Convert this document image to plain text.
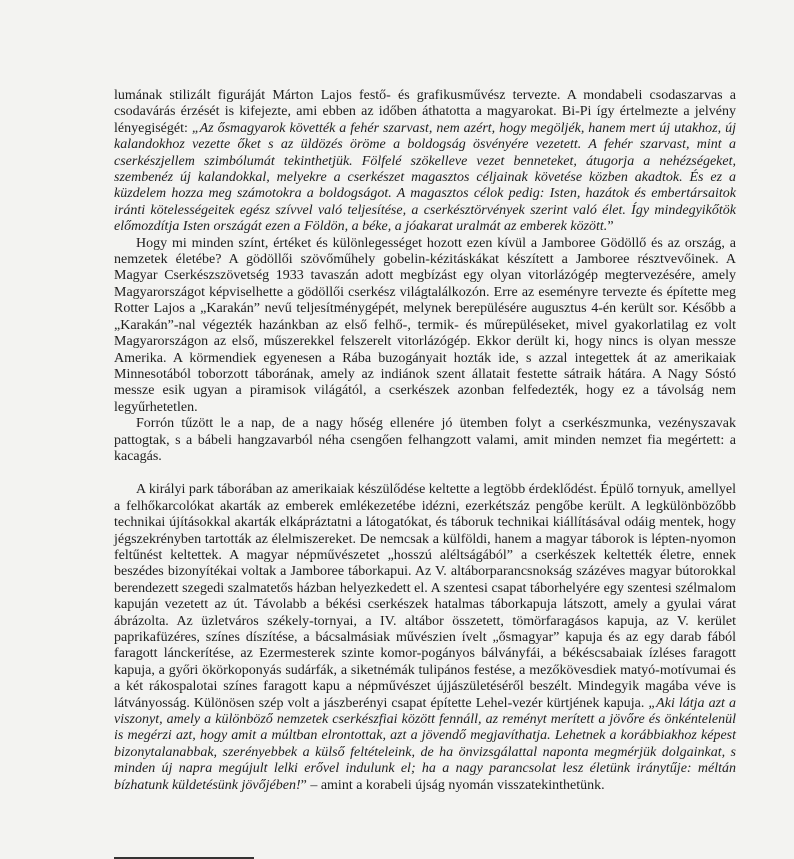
lumának stilizált figuráját Márton Lajos festő- és grafikusművész tervezte. A mondabeli csodaszarvas a csodavárás érzését is kifejezte, ami ebben az időben áthatotta a magyarokat. Bi-Pi így értelmezte a jelvény lényegiségét: „Az ősmagyarok követték a fehér szarvast, nem azért, hogy megöljék, hanem mert új utakhoz, új kalandokhoz vezette őket s az üldözés öröme a boldogság ösvényére vezetett. A fehér szarvast, mint a cserkészjellem szimbólumát tekinthetjük. Fölfelé szökelleve vezet benneteket, átugorja a nehézségeket, szembenéz új kalandokkal, melyekre a cserkészet magasztos céljainak követése közben akadtok. És ez a küzdelem hozza meg számotokra a boldogságot. A magasztos célok pedig: Isten, hazátok és embertársaitok iránti kötelességeitek egész szívvel való teljesítése, a cserkésztörvények szerint való élet. Így mindegyikőtök előmozdítja Isten országát ezen a Földön, a béke, a jóakarat uralmát az emberek között.”

Hogy mi minden színt, értéket és különlegességet hozott ezen kívül a Jamboree Gödöllő és az ország, a nemzetek életébe? A gödöllői szövőműhely gobelin-kézitáskákat készített a Jamboree résztvevőinek. A Magyar Cserkészszövetség 1933 tavaszán adott megbízást egy olyan vitorlázógép megtervezésére, amely Magyarországot képviselhette a gödöllői cserkész világtalálkozón. Erre az eseményre tervezte és építette meg Rotter Lajos a „Karakán” nevű teljesítménygépét, melynek berepülésére augusztus 4-én került sor. Később a „Karakán”-nal végezték hazánkban az első felhő-, termik- és műrepüléseket, mivel gyakorlatilag ez volt Magyarországon az első, műszerekkel felszerelt vitorlázógép. Ekkor derült ki, hogy nincs is olyan messze Amerika. A körmendiek egyenesen a Rába buzogányait hozták ide, s azzal integettek át az amerikaiak Minnesotából toborzott táborának, amely az indiánok szent állatait festette sátraik hátára. A Nagy Sóstó messze esik ugyan a piramisok világától, a cserkészek azonban felfedezték, hogy ez a távolság nem legyűrhetetlen.

Forrón tűzött le a nap, de a nagy hőség ellenére jó ütemben folyt a cserkészmunka, vezényszavak pattogtak, s a bábeli hangzavarból néha csengően felhangzott valami, amit minden nemzet fia megértett: a kacagás.

A királyi park táborában az amerikaiak készülődése keltette a legtöbb érdeklődést. Épülő tornyuk, amellyel a felhőkarcolókat akarták az emberek emlékezetébe idézni, ezerkétszáz pengőbe került. A legkülönbözőbb technikai újításokkal akarták elkápráztatni a látogatókat, és táboruk technikai kiállításával odáig mentek, hogy jégszekrényben tartották az élelmiszereket. De nemcsak a külföldi, hanem a magyar táborok is lépten-nyomon feltűnést keltettek. A magyar népművészetet „hosszú aléltságából” a cserkészek keltették életre, ennek beszédes bizonyítékai voltak a Jamboree táborkapui. Az V. altáborparancsnokság százéves magyar bútorokkal berendezett szegedi szalmatetős házban helyezkedett el. A szentesi csapat táborhelyére egy szentesi szélmalom kapuján vezetett az út. Távolabb a békési cserkészek hatalmas táborkapuja látszott, amely a gyulai várat ábrázolta. Az üzletváros székely-tornyai, a IV. altábor összetett, tömörfaragásos kapuja, az V. kerület paprikafüzéres, színes díszítése, a bácsalmásiak művészien ívelt „ősmagyar” kapuja és az egy darab fából faragott lánckerítése, az Ezermesterek szinte komor-pogányos bálványfái, a békéscsabaiak ízléses faragott kapuja, a győri ökörkoponyás sudárfák, a siketnémák tulipános festése, a mezőkövesdiek matyó-motívumai és a két rákospalotai színes faragott kapu a népművészet újjászületéséről beszélt. Mindegyik magába véve is látványosság. Különösen szép volt a jászberényi csapat építette Lehel-vezér kürtjének kapuja. „Aki látja azt a viszonyt, amely a különböző nemzetek cserkészfiai között fennáll, az reményt merített a jövőre és önkéntelenül is megérzi azt, hogy amit a múltban elrontottak, azt a jövendő megjavíthatja. Lehetnek a korábbiakhoz képest bizonytalanabbak, szerényebbek a külső feltételeink, de ha önvizsgálattal naponta megmérjük dolgainkat, s minden új napra megújult lelki erővel indulunk el; ha a nagy parancsolat lesz életünk iránytűje: méltán bízhatunk küldetésünk jövőjében!” – amint a korabeli újság nyomán visszatekinthetünk.
